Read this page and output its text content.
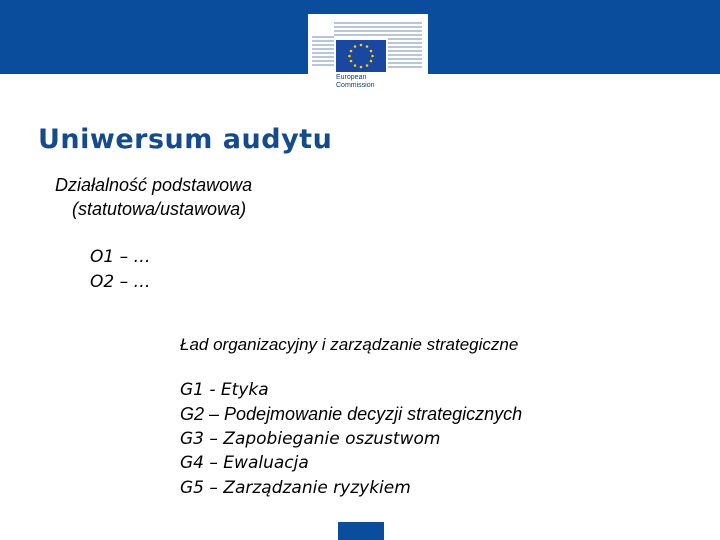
European
Commission
Uniwersum audytu
Działalność podstawowa
(statutowa/ustawowa)
O1 – …
O2 – …
Ład organizacyjny i zarządzanie strategiczne
G1 - Etyka
G2 – Podejmowanie decyzji strategicznych
G3 – Zapobieganie oszustwom
G4 – Ewaluacja
G5 – Zarządzanie ryzykiem
